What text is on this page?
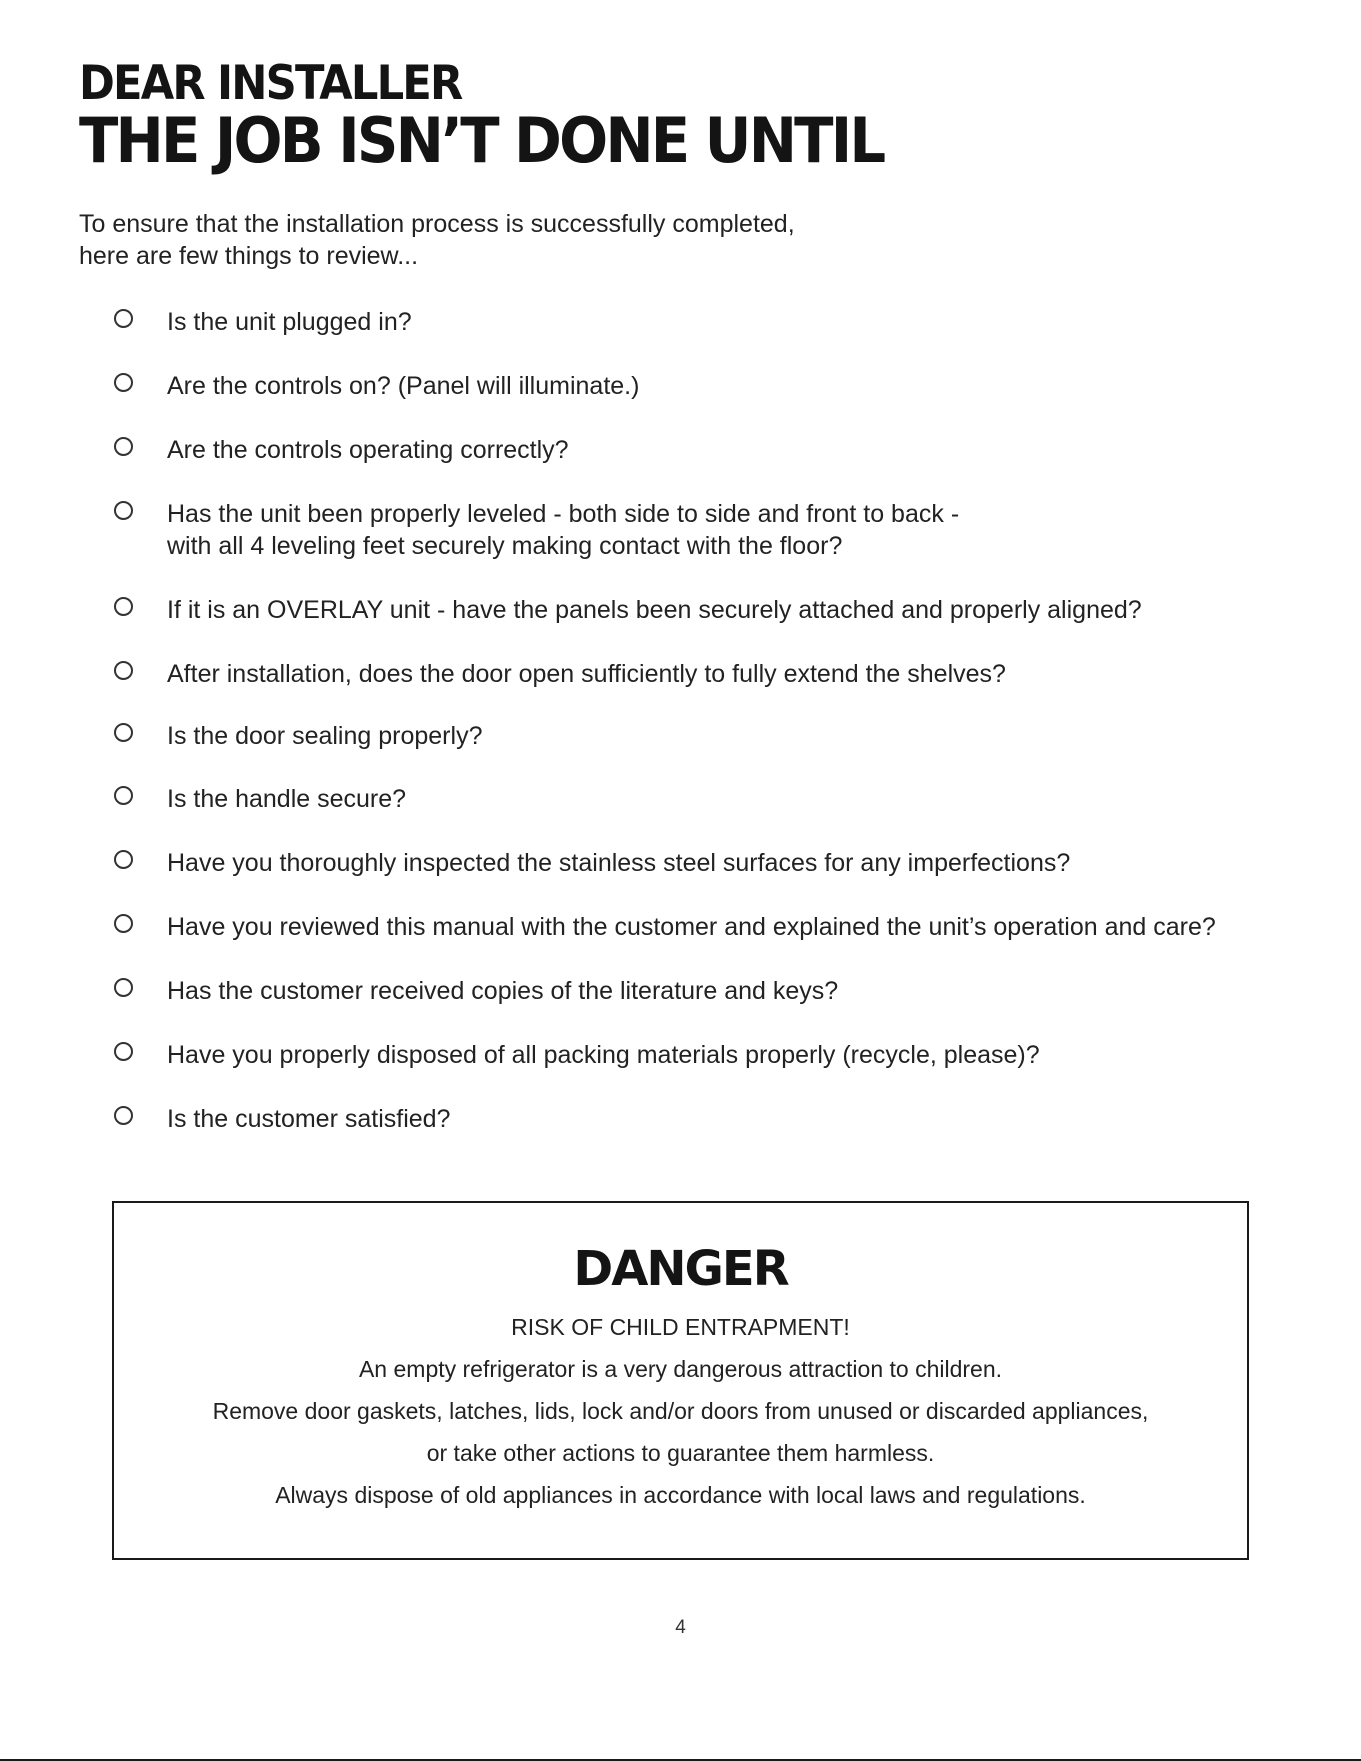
DEAR INSTALLER
THE JOB ISN’T DONE UNTIL

To ensure that the installation process is successfully completed,

here are few things to review...

Is the unit plugged in?
Are the controls on? (Panel will illuminate.)
Are the controls operating correctly?
Has the unit been properly leveled - both side to side and front to back -
with all 4 leveling feet securely making contact with the floor?
If it is an OVERLAY unit - have the panels been securely attached and properly aligned?
After installation, does the door open sufficiently to fully extend the shelves?
Is the door sealing properly?
Is the handle secure?
Have you thoroughly inspected the stainless steel surfaces for any imperfections?
Have you reviewed this manual with the customer and explained the unit’s operation and care?
Has the customer received copies of the literature and keys?
Have you properly disposed of all packing materials properly (recycle, please)?
Is the customer satisfied?
DANGER
RISK OF CHILD ENTRAPMENT!
An empty refrigerator is a very dangerous attraction to children.
Remove door gaskets, latches, lids, lock and/or doors from unused or discarded appliances,
or take other actions to guarantee them harmless.
Always dispose of old appliances in accordance with local laws and regulations.
4
